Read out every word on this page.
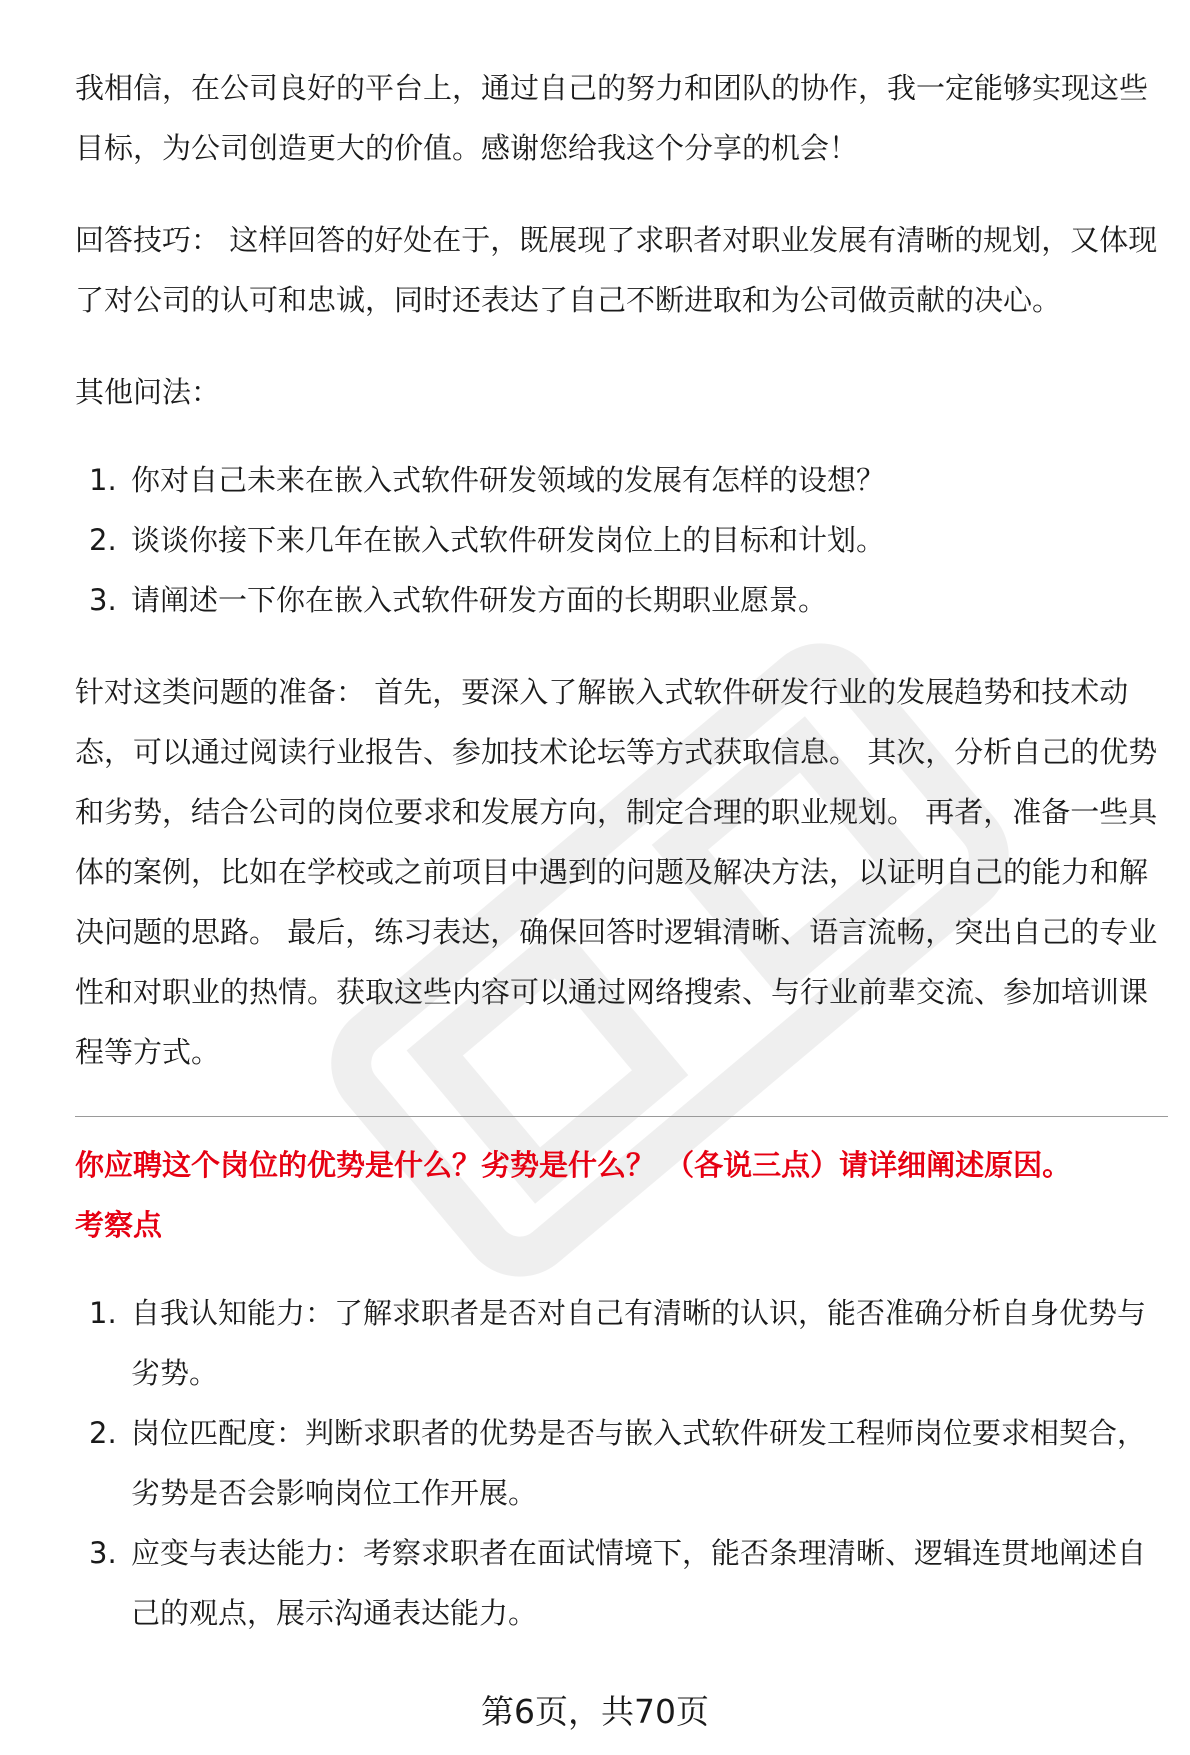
我相信，在公司良好的平台上，通过自己的努力和团队的协作，我一定能够实现这些目标，为公司创造更大的价值。感谢您给我这个分享的机会！

回答技巧： 这样回答的好处在于，既展现了求职者对职业发展有清晰的规划，又体现了对公司的认可和忠诚，同时还表达了自己不断进取和为公司做贡献的决心。

其他问法：

1. 你对自己未来在嵌入式软件研发领域的发展有怎样的设想？
2. 谈谈你接下来几年在嵌入式软件研发岗位上的目标和计划。
3. 请阐述一下你在嵌入式软件研发方面的长期职业愿景。

针对这类问题的准备： 首先，要深入了解嵌入式软件研发行业的发展趋势和技术动态，可以通过阅读行业报告、参加技术论坛等方式获取信息。 其次，分析自己的优势和劣势，结合公司的岗位要求和发展方向，制定合理的职业规划。 再者，准备一些具体的案例，比如在学校或之前项目中遇到的问题及解决方法，以证明自己的能力和解决问题的思路。 最后，练习表达，确保回答时逻辑清晰、语言流畅，突出自己的专业性和对职业的热情。获取这些内容可以通过网络搜索、与行业前辈交流、参加培训课程等方式。

你应聘这个岗位的优势是什么？劣势是什么？ （各说三点）请详细阐述原因。

考察点

1. 自我认知能力：了解求职者是否对自己有清晰的认识，能否准确分析自身优势与劣势。
2. 岗位匹配度：判断求职者的优势是否与嵌入式软件研发工程师岗位要求相契合，劣势是否会影响岗位工作开展。
3. 应变与表达能力：考察求职者在面试情境下，能否条理清晰、逻辑连贯地阐述自己的观点，展示沟通表达能力。
第6页，共70页
